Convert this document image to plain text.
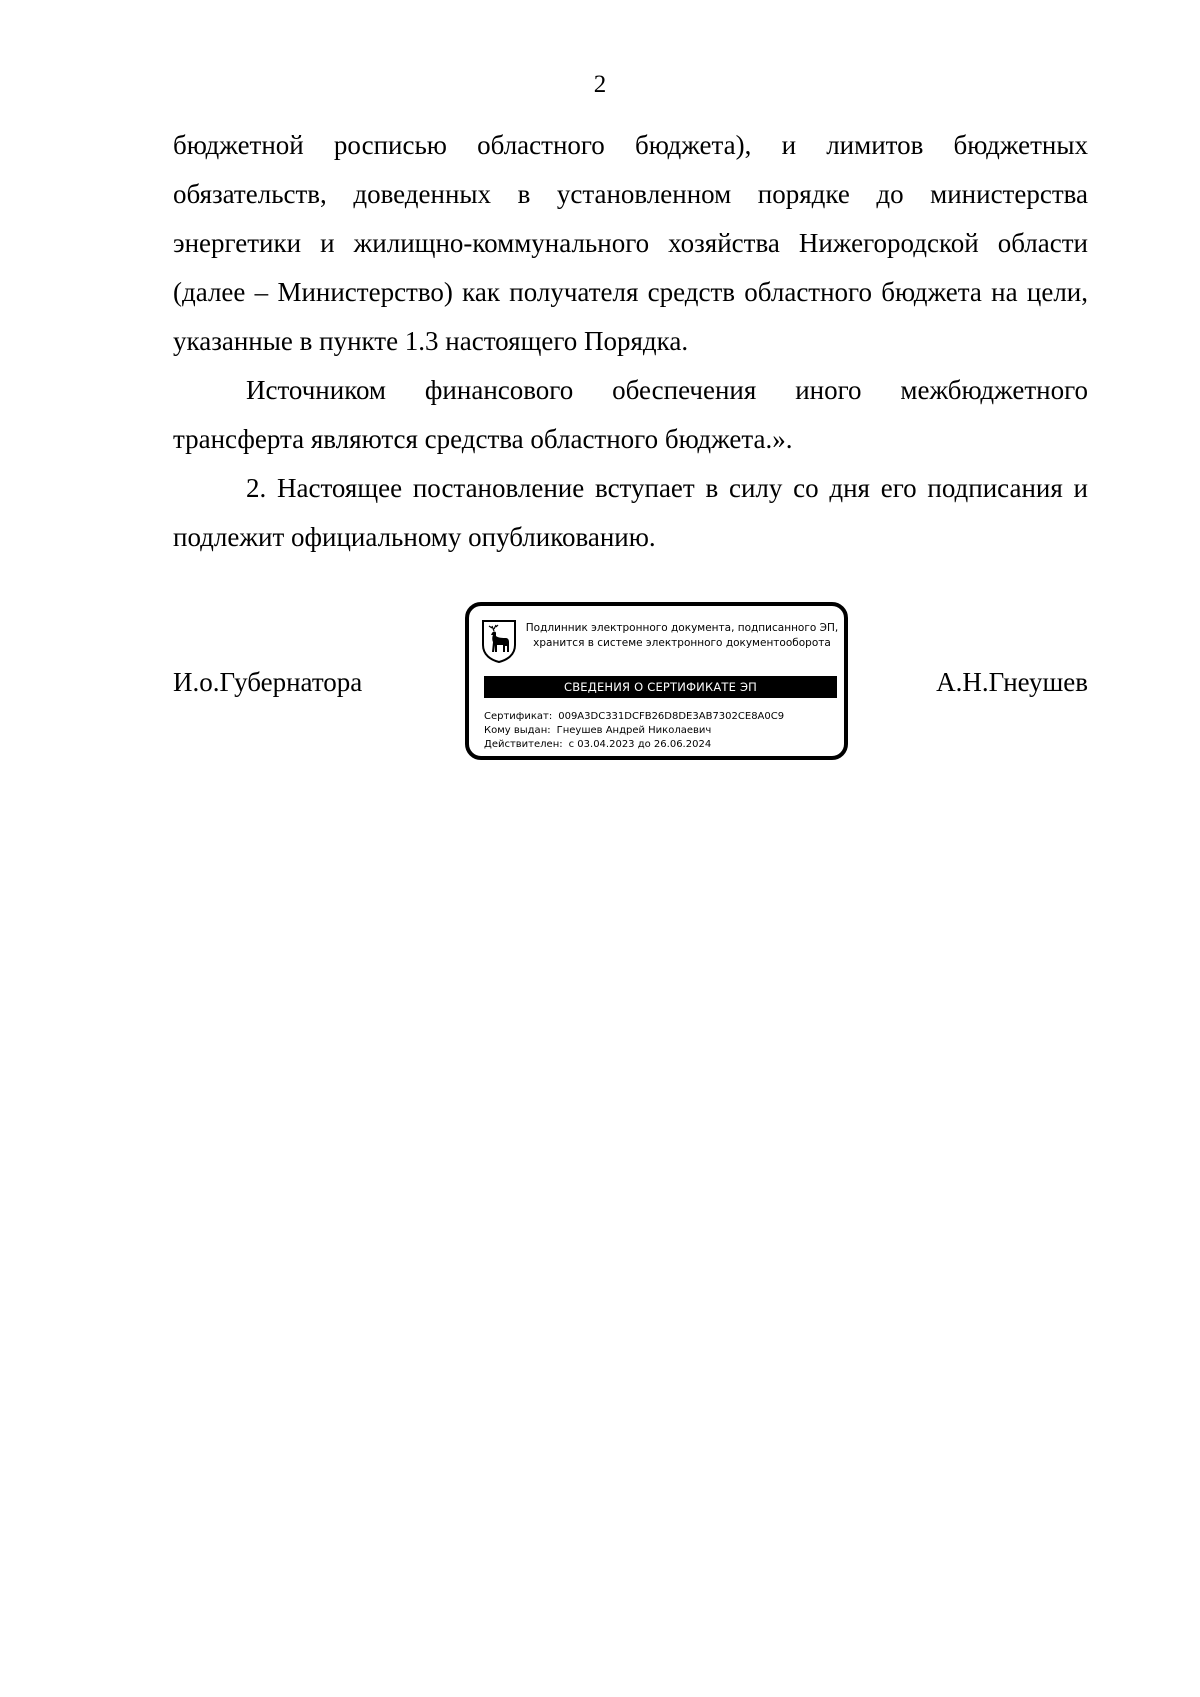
2

бюджетной росписью областного бюджета), и лимитов бюджетных обязательств, доведенных в установленном порядке до министерства энергетики и жилищно-коммунального хозяйства Нижегородской области (далее – Министерство) как получателя средств областного бюджета на цели, указанные в пункте 1.3 настоящего Порядка.

Источником финансового обеспечения иного межбюджетного трансферта являются средства областного бюджета.».

2. Настоящее постановление вступает в силу со дня его подписания и подлежит официальному опубликованию.

И.о.Губернатора
Подлинник электронного документа, подписанного ЭП,
хранится в системе электронного документооборота
СВЕДЕНИЯ О СЕРТИФИКАТЕ ЭП
Сертификат: 009A3DC331DCFB26D8DE3AB7302CE8A0C9
Кому выдан: Гнеушев Андрей Николаевич
Действителен: с 03.04.2023 до 26.06.2024
А.Н.Гнеушев
